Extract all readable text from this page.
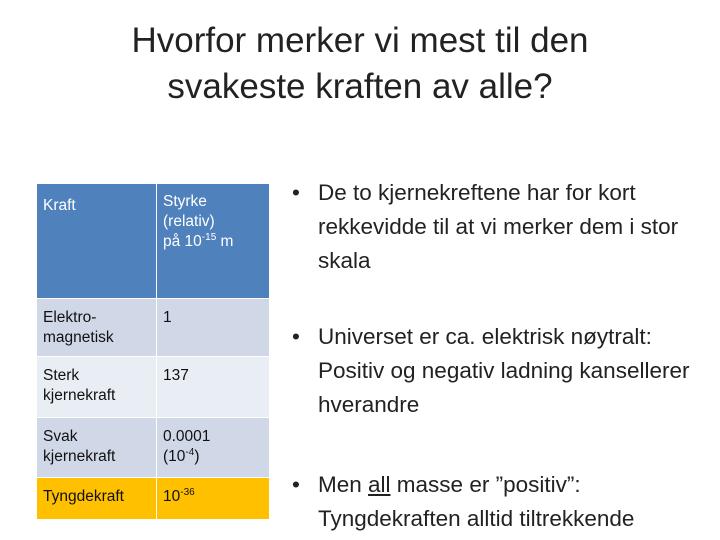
Hvorfor merker vi mest til den
svakeste kraften av alle?
Kraft	Styrke
(relativ)
på $10^{-15}$ m
Elektro-
magnetisk	1
Sterk
kjernekraft	137
Svak
kjernekraft	0.0001
$(10^{-4})$
Tyngdekraft	$10^{-36}$
• De to kjernekreftene har for kort rekkevidde til at vi merker dem i stor skala
• Universet er ca. elektrisk nøytralt: Positiv og negativ ladning kansellerer hverandre
• Men all masse er ”positiv”: Tyngdekraften alltid tiltrekkende
